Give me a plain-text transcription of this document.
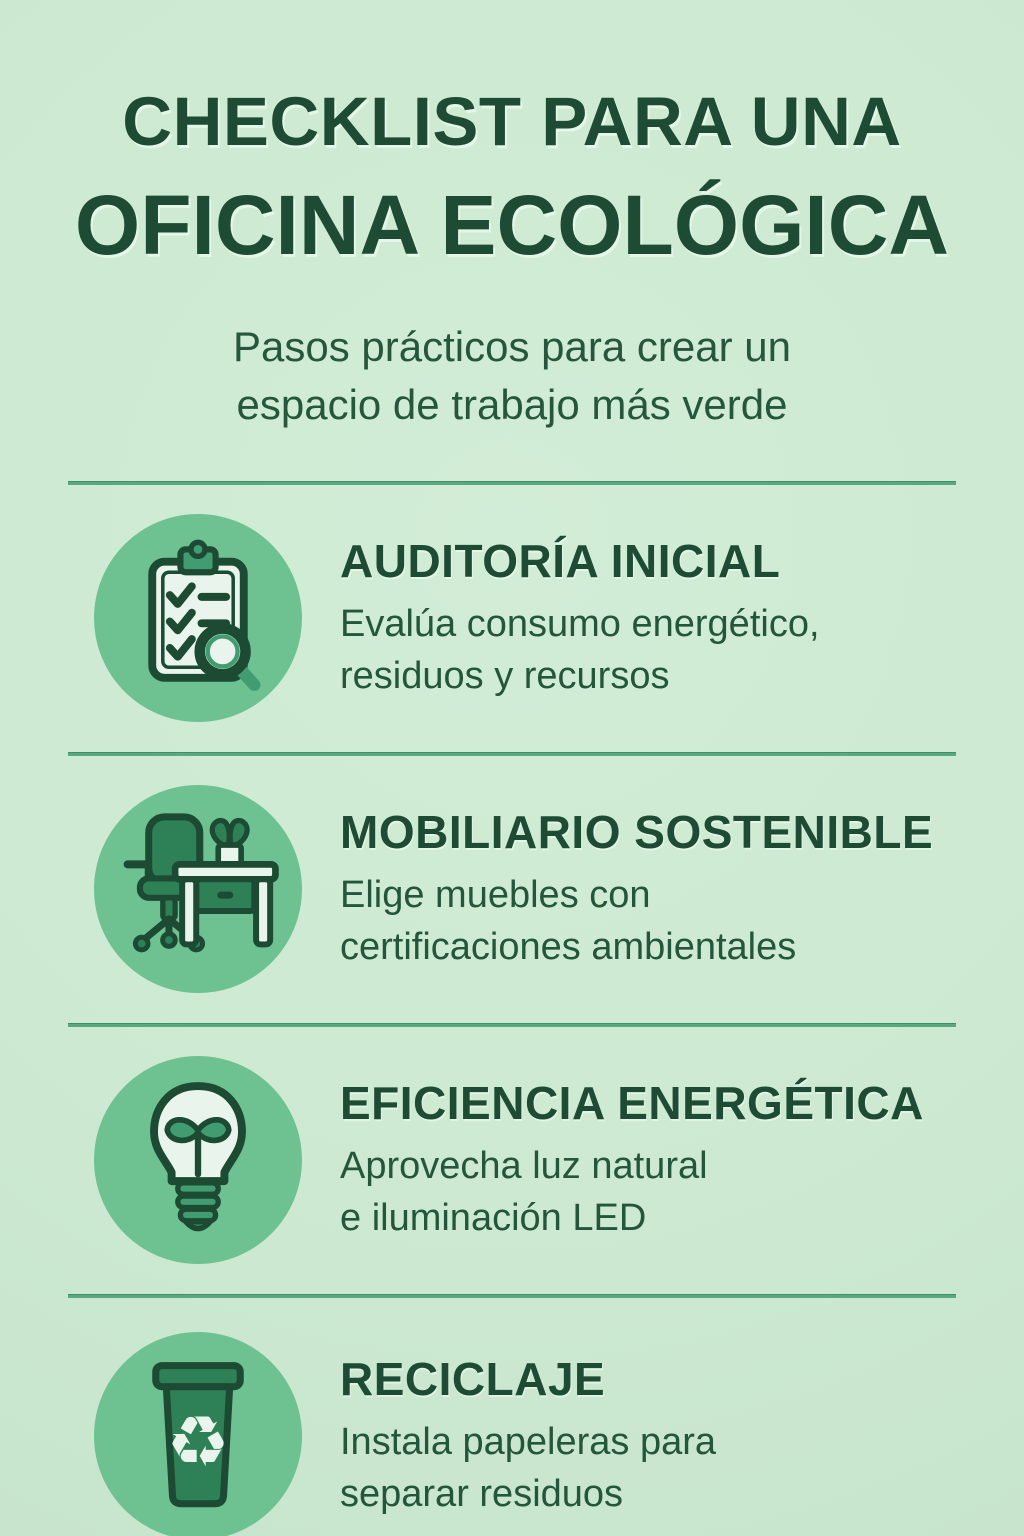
CHECKLIST PARA UNA
OFICINA ECOLÓGICA

Pasos prácticos para crear un
espacio de trabajo más verde

AUDITORÍA INICIAL
Evalúa consumo energético,
residuos y recursos
MOBILIARIO SOSTENIBLE
Elige muebles con
certificaciones ambientales
EFICIENCIA ENERGÉTICA
Aprovecha luz natural
e iluminación LED
♻
RECICLAJE
Instala papeleras para
separar residuos
